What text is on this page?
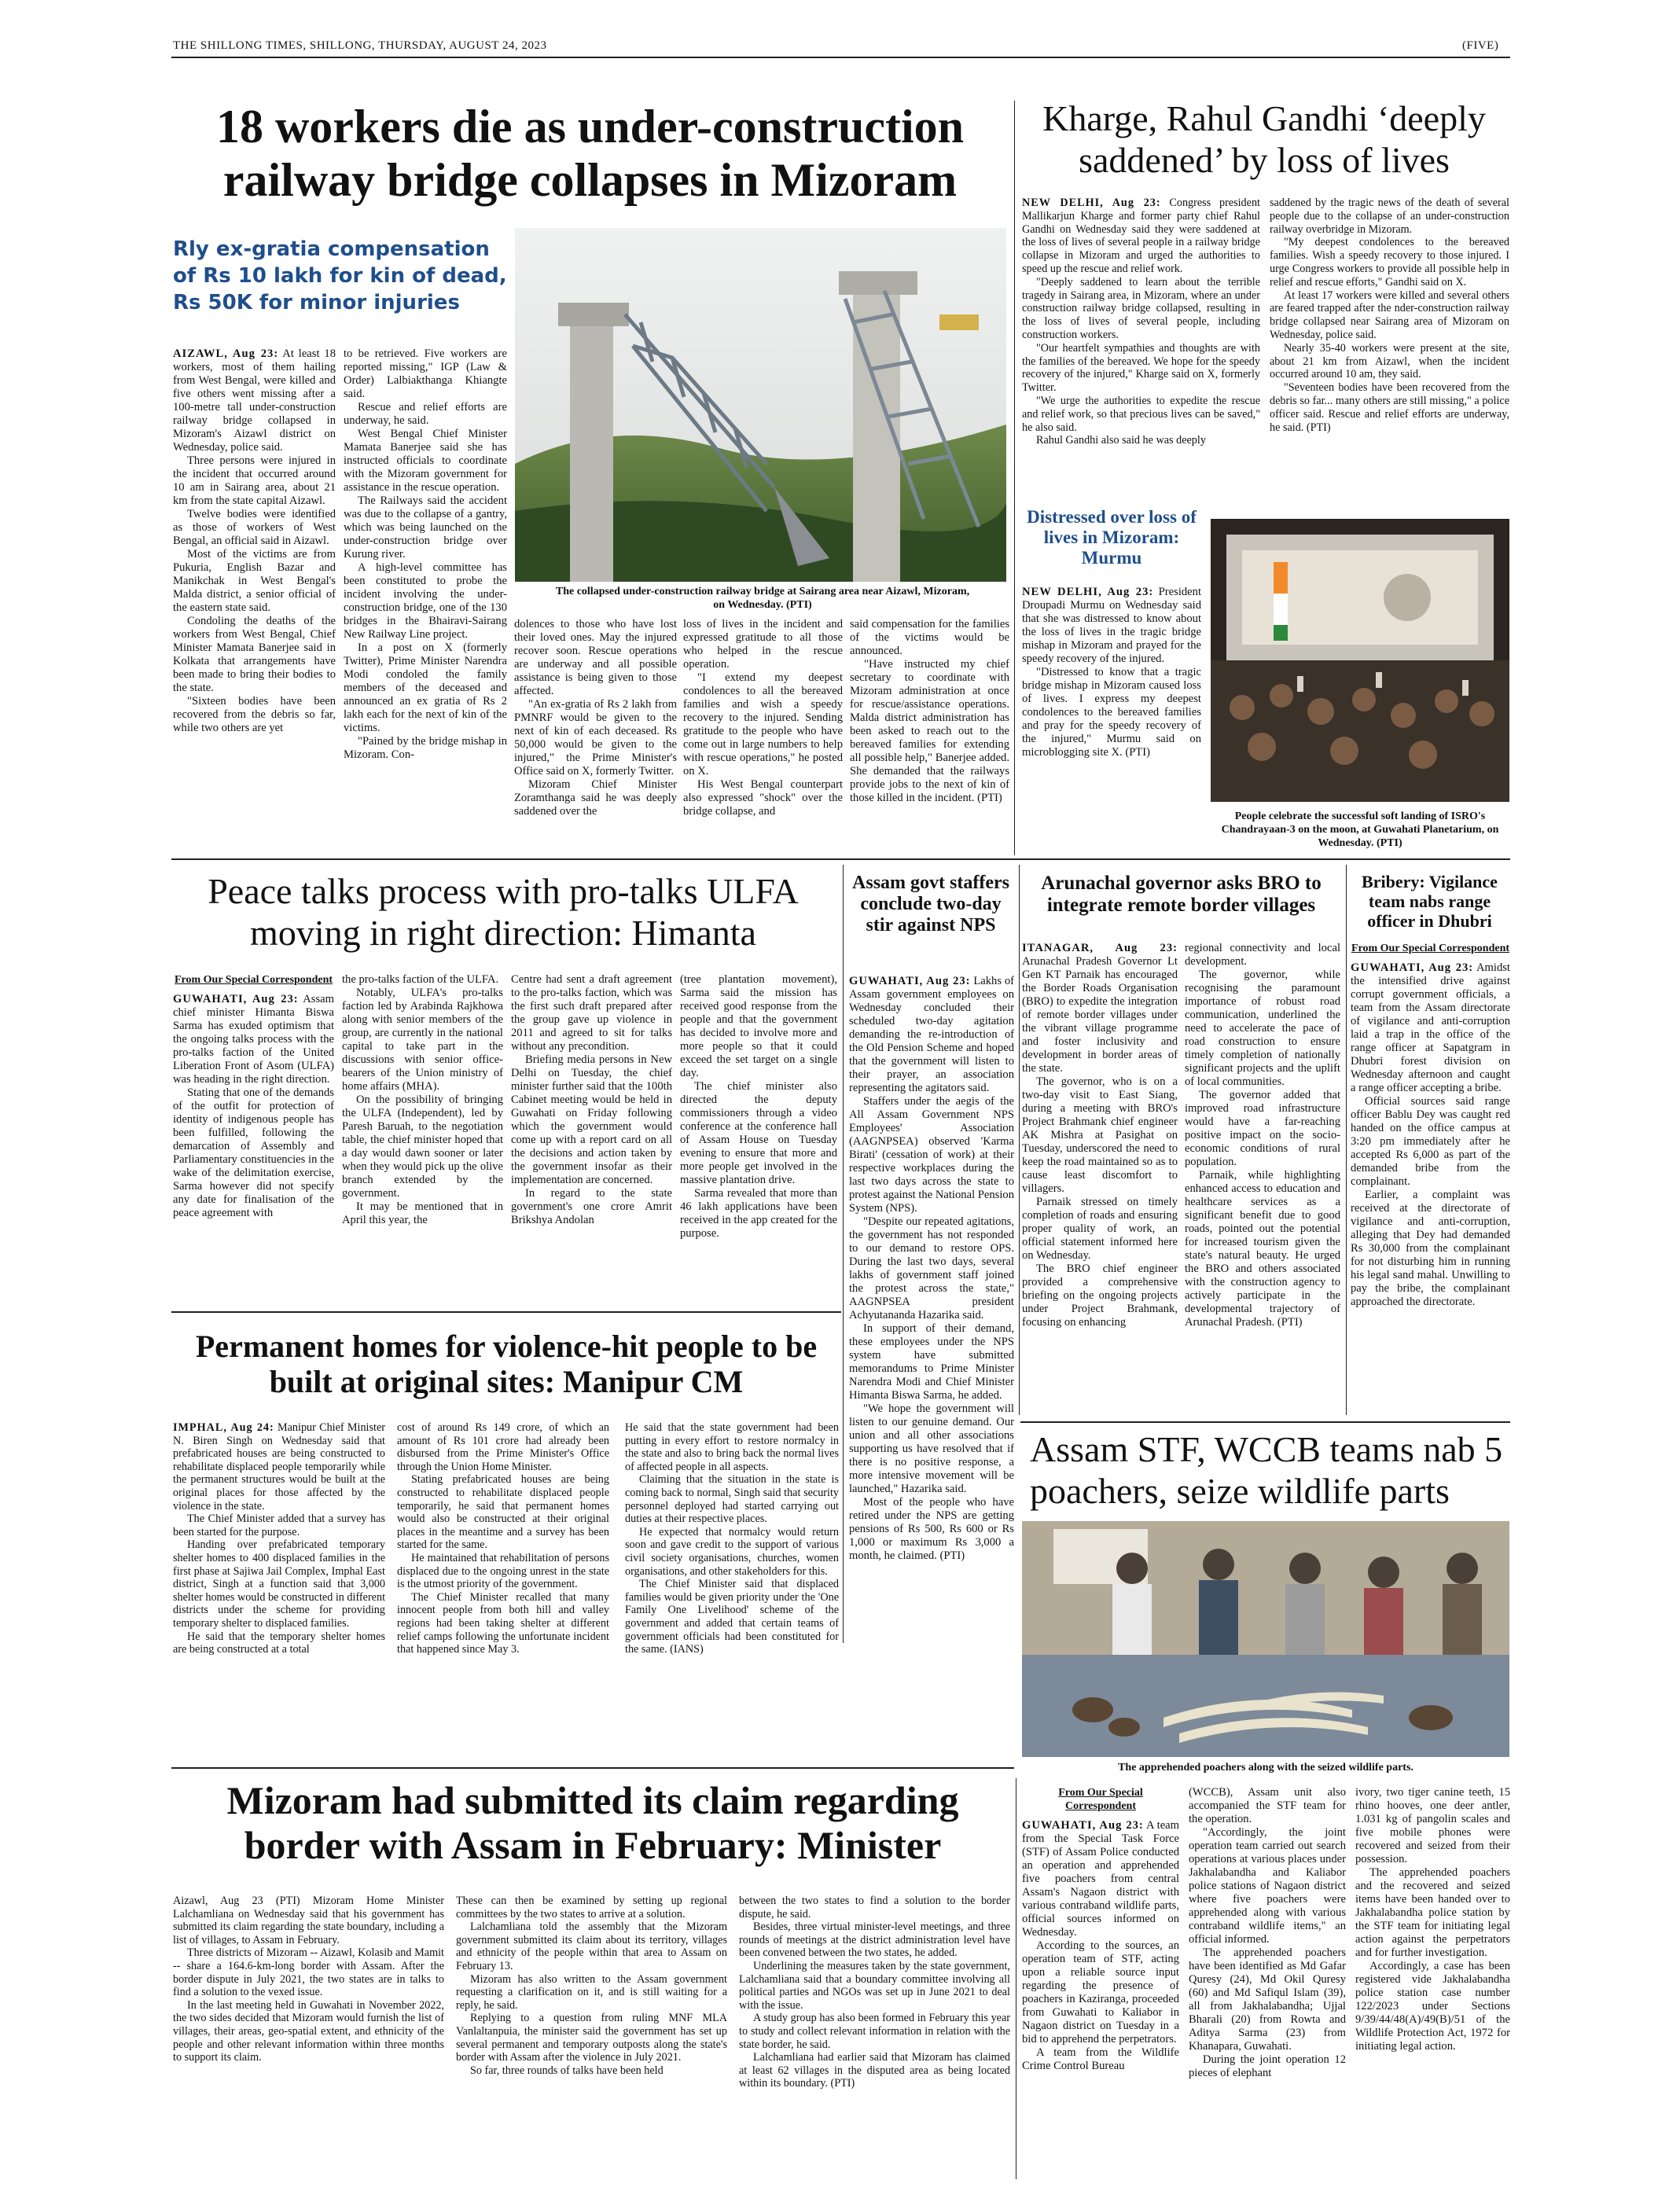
THE SHILLONG TIMES, SHILLONG, THURSDAY, AUGUST 24, 2023	(FIVE)
18 workers die as under-construction railway bridge collapses in Mizoram
Rly ex-gratia compensation of Rs 10 lakh for kin of dead, Rs 50K for minor injuries
The collapsed under-construction railway bridge at Sairang area near Aizawl, Mizoram, on Wednesday. (PTI)

AIZAWL, Aug 23: At least 18 workers, most of them hailing from West Bengal, were killed and five others went missing after a 100-metre tall under-construction railway bridge collapsed in Mizoram's Aizawl district on Wednesday, police said.

Three persons were injured in the incident that occurred around 10 am in Sairang area, about 21 km from the state capital Aizawl.

Twelve bodies were identified as those of workers of West Bengal, an official said in Aizawl.

Most of the victims are from Pukuria, English Bazar and Manikchak in West Bengal's Malda district, a senior official of the eastern state said.

Condoling the deaths of the workers from West Bengal, Chief Minister Mamata Banerjee said in Kolkata that arrangements have been made to bring their bodies to the state.

"Sixteen bodies have been recovered from the debris so far, while two others are yet

to be retrieved. Five workers are reported missing," IGP (Law & Order) Lalbiakthanga Khiangte said.

Rescue and relief efforts are underway, he said.

West Bengal Chief Minister Mamata Banerjee said she has instructed officials to coordinate with the Mizoram government for assistance in the rescue operation.

The Railways said the accident was due to the collapse of a gantry, which was being launched on the under-construction bridge over Kurung river.

A high-level committee has been constituted to probe the incident involving the under-construction bridge, one of the 130 bridges in the Bhairavi-Sairang New Railway Line project.

In a post on X (formerly Twitter), Prime Minister Narendra Modi condoled the family members of the deceased and announced an ex gratia of Rs 2 lakh each for the next of kin of the victims.

"Pained by the bridge mishap in Mizoram. Con-

dolences to those who have lost their loved ones. May the injured recover soon. Rescue operations are underway and all possible assistance is being given to those affected.

"An ex-gratia of Rs 2 lakh from PMNRF would be given to the next of kin of each deceased. Rs 50,000 would be given to the injured," the Prime Minister's Office said on X, formerly Twitter.

Mizoram Chief Minister Zoramthanga said he was deeply saddened over the

loss of lives in the incident and expressed gratitude to all those who helped in the rescue operation.

"I extend my deepest condolences to all the bereaved families and wish a speedy recovery to the injured. Sending gratitude to the people who have come out in large numbers to help with rescue operations," he posted on X.

His West Bengal counterpart also expressed "shock" over the bridge collapse, and

said compensation for the families of the victims would be announced.

"Have instructed my chief secretary to coordinate with Mizoram administration at once for rescue/assistance operations. Malda district administration has been asked to reach out to the bereaved families for extending all possible help," Banerjee added. She demanded that the railways provide jobs to the next of kin of those killed in the incident. (PTI)

Kharge, Rahul Gandhi ‘deeply saddened’ by loss of lives

NEW DELHI, Aug 23: Congress president Mallikarjun Kharge and former party chief Rahul Gandhi on Wednesday said they were saddened at the loss of lives of several people in a railway bridge collapse in Mizoram and urged the authorities to speed up the rescue and relief work.

"Deeply saddened to learn about the terrible tragedy in Sairang area, in Mizoram, where an under construction railway bridge collapsed, resulting in the loss of lives of several people, including construction workers.

"Our heartfelt sympathies and thoughts are with the families of the bereaved. We hope for the speedy recovery of the injured," Kharge said on X, formerly Twitter.

"We urge the authorities to expedite the rescue and relief work, so that precious lives can be saved," he also said.

Rahul Gandhi also said he was deeply

saddened by the tragic news of the death of several people due to the collapse of an under-construction railway overbridge in Mizoram.

"My deepest condolences to the bereaved families. Wish a speedy recovery to those injured. I urge Congress workers to provide all possible help in relief and rescue efforts," Gandhi said on X.

At least 17 workers were killed and several others are feared trapped after the nder-construction railway bridge collapsed near Sairang area of Mizoram on Wednesday, police said.

Nearly 35-40 workers were present at the site, about 21 km from Aizawl, when the incident occurred around 10 am, they said.

"Seventeen bodies have been recovered from the debris so far... many others are still missing," a police officer said. Rescue and relief efforts are underway, he said. (PTI)

Distressed over loss of lives in Mizoram: Murmu

NEW DELHI, Aug 23: President Droupadi Murmu on Wednesday said that she was distressed to know about the loss of lives in the tragic bridge mishap in Mizoram and prayed for the speedy recovery of the injured.

"Distressed to know that a tragic bridge mishap in Mizoram caused loss of lives. I express my deepest condolences to the bereaved families and pray for the speedy recovery of the injured," Murmu said on microblogging site X. (PTI)

People celebrate the successful soft landing of ISRO's Chandrayaan-3 on the moon, at Guwahati Planetarium, on Wednesday. (PTI)
Peace talks process with pro-talks ULFA moving in right direction: Himanta
From Our Special Correspondent

GUWAHATI, Aug 23: Assam chief minister Himanta Biswa Sarma has exuded optimism that the ongoing talks process with the pro-talks faction of the United Liberation Front of Asom (ULFA) was heading in the right direction.

Stating that one of the demands of the outfit for protection of identity of indigenous people has been fulfilled, following the demarcation of Assembly and Parliamentary constituencies in the wake of the delimitation exercise, Sarma however did not specify any date for finalisation of the peace agreement with

the pro-talks faction of the ULFA.

Notably, ULFA's pro-talks faction led by Arabinda Rajkhowa along with senior members of the group, are currently in the national capital to take part in the discussions with senior office-bearers of the Union ministry of home affairs (MHA).

On the possibility of bringing the ULFA (Independent), led by Paresh Baruah, to the negotiation table, the chief minister hoped that a day would dawn sooner or later when they would pick up the olive branch extended by the government.

It may be mentioned that in April this year, the

Centre had sent a draft agreement to the pro-talks faction, which was the first such draft prepared after the group gave up violence in 2011 and agreed to sit for talks without any precondition.

Briefing media persons in New Delhi on Tuesday, the chief minister further said that the 100th Cabinet meeting would be held in Guwahati on Friday following which the government would come up with a report card on all the decisions and action taken by the government insofar as their implementation are concerned.

In regard to the state government's one crore Amrit Brikshya Andolan

(tree plantation movement), Sarma said the mission has received good response from the people and that the government has decided to involve more and more people so that it could exceed the set target on a single day.

The chief minister also directed the deputy commissioners through a video conference at the conference hall of Assam House on Tuesday evening to ensure that more and more people get involved in the massive plantation drive.

Sarma revealed that more than 46 lakh applications have been received in the app created for the purpose.

Assam govt staffers conclude two-day stir against NPS

GUWAHATI, Aug 23: Lakhs of Assam government employees on Wednesday concluded their scheduled two-day agitation demanding the re-introduction of the Old Pension Scheme and hoped that the government will listen to their prayer, an association representing the agitators said.

Staffers under the aegis of the All Assam Government NPS Employees' Association (AAGNPSEA) observed 'Karma Birati' (cessation of work) at their respective workplaces during the last two days across the state to protest against the National Pension System (NPS).

"Despite our repeated agitations, the government has not responded to our demand to restore OPS. During the last two days, several lakhs of government staff joined the protest across the state," AAGNPSEA president Achyutananda Hazarika said.

In support of their demand, these employees under the NPS system have submitted memorandums to Prime Minister Narendra Modi and Chief Minister Himanta Biswa Sarma, he added.

"We hope the government will listen to our genuine demand. Our union and all other associations supporting us have resolved that if there is no positive response, a more intensive movement will be launched," Hazarika said.

Most of the people who have retired under the NPS are getting pensions of Rs 500, Rs 600 or Rs 1,000 or maximum Rs 3,000 a month, he claimed. (PTI)

Arunachal governor asks BRO to integrate remote border villages

ITANAGAR, Aug 23: Arunachal Pradesh Governor Lt Gen KT Parnaik has encouraged the Border Roads Organisation (BRO) to expedite the integration of remote border villages under the vibrant village programme and foster inclusivity and development in border areas of the state.

The governor, who is on a two-day visit to East Siang, during a meeting with BRO's Project Brahmank chief engineer AK Mishra at Pasighat on Tuesday, underscored the need to keep the road maintained so as to cause least discomfort to villagers.

Parnaik stressed on timely completion of roads and ensuring proper quality of work, an official statement informed here on Wednesday.

The BRO chief engineer provided a comprehensive briefing on the ongoing projects under Project Brahmank, focusing on enhancing

regional connectivity and local development.

The governor, while recognising the paramount importance of robust road communication, underlined the need to accelerate the pace of road construction to ensure timely completion of nationally significant projects and the uplift of local communities.

The governor added that improved road infrastructure would have a far-reaching positive impact on the socio-economic conditions of rural population.

Parnaik, while highlighting enhanced access to education and healthcare services as a significant benefit due to good roads, pointed out the potential for increased tourism given the state's natural beauty. He urged the BRO and others associated with the construction agency to actively participate in the developmental trajectory of Arunachal Pradesh. (PTI)

Bribery: Vigilance team nabs range officer in Dhubri
From Our Special Correspondent

GUWAHATI, Aug 23: Amidst the intensified drive against corrupt government officials, a team from the Assam directorate of vigilance and anti-corruption laid a trap in the office of the range officer at Sapatgram in Dhubri forest division on Wednesday afternoon and caught a range officer accepting a bribe.

Official sources said range officer Bablu Dey was caught red handed on the office campus at 3:20 pm immediately after he accepted Rs 6,000 as part of the demanded bribe from the complainant.

Earlier, a complaint was received at the directorate of vigilance and anti-corruption, alleging that Dey had demanded Rs 30,000 from the complainant for not disturbing him in running his legal sand mahal. Unwilling to pay the bribe, the complainant approached the directorate.

Permanent homes for violence-hit people to be built at original sites: Manipur CM

IMPHAL, Aug 24: Manipur Chief Minister N. Biren Singh on Wednesday said that prefabricated houses are being constructed to rehabilitate displaced people temporarily while the permanent structures would be built at the original places for those affected by the violence in the state.

The Chief Minister added that a survey has been started for the purpose.

Handing over prefabricated temporary shelter homes to 400 displaced families in the first phase at Sajiwa Jail Complex, Imphal East district, Singh at a function said that 3,000 shelter homes would be constructed in different districts under the scheme for providing temporary shelter to displaced families.

He said that the temporary shelter homes are being constructed at a total

cost of around Rs 149 crore, of which an amount of Rs 101 crore had already been disbursed from the Prime Minister's Office through the Union Home Minister.

Stating prefabricated houses are being constructed to rehabilitate displaced people temporarily, he said that permanent homes would also be constructed at their original places in the meantime and a survey has been started for the same.

He maintained that rehabilitation of persons displaced due to the ongoing unrest in the state is the utmost priority of the government.

The Chief Minister recalled that many innocent people from both hill and valley regions had been taking shelter at different relief camps following the unfortunate incident that happened since May 3.

He said that the state government had been putting in every effort to restore normalcy in the state and also to bring back the normal lives of affected people in all aspects.

Claiming that the situation in the state is coming back to normal, Singh said that security personnel deployed had started carrying out duties at their respective places.

He expected that normalcy would return soon and gave credit to the support of various civil society organisations, churches, women organisations, and other stakeholders for this.

The Chief Minister said that displaced families would be given priority under the 'One Family One Livelihood' scheme of the government and added that certain teams of government officials had been constituted for the same. (IANS)

Assam STF, WCCB teams nab 5 poachers, seize wildlife parts
The apprehended poachers along with the seized wildlife parts.
From Our Special Correspondent

GUWAHATI, Aug 23: A team from the Special Task Force (STF) of Assam Police conducted an operation and apprehended five poachers from central Assam's Nagaon district with various contraband wildlife parts, official sources informed on Wednesday.

According to the sources, an operation team of STF, acting upon a reliable source input regarding the presence of poachers in Kaziranga, proceeded from Guwahati to Kaliabor in Nagaon district on Tuesday in a bid to apprehend the perpetrators.

A team from the Wildlife Crime Control Bureau

(WCCB), Assam unit also accompanied the STF team for the operation.

"Accordingly, the joint operation team carried out search operations at various places under Jakhalabandha and Kaliabor police stations of Nagaon district where five poachers were apprehended along with various contraband wildlife items," an official informed.

The apprehended poachers have been identified as Md Gafar Quresy (24), Md Okil Quresy (60) and Md Safiqul Islam (39), all from Jakhalabandha; Ujjal Bharali (20) from Rowta and Aditya Sarma (23) from Khanapara, Guwahati.

During the joint operation 12 pieces of elephant

ivory, two tiger canine teeth, 15 rhino hooves, one deer antler, 1.031 kg of pangolin scales and five mobile phones were recovered and seized from their possession.

The apprehended poachers and the recovered and seized items have been handed over to Jakhalabandha police station by the STF team for initiating legal action against the perpetrators and for further investigation.

Accordingly, a case has been registered vide Jakhalabandha police station case number 122/2023 under Sections 9/39/44/48(A)/49(B)/51 of the Wildlife Protection Act, 1972 for initiating legal action.

Mizoram had submitted its claim regarding border with Assam in February: Minister

Aizawl, Aug 23 (PTI) Mizoram Home Minister Lalchamliana on Wednesday said that his government has submitted its claim regarding the state boundary, including a list of villages, to Assam in February.

Three districts of Mizoram -- Aizawl, Kolasib and Mamit -- share a 164.6-km-long border with Assam. After the border dispute in July 2021, the two states are in talks to find a solution to the vexed issue.

In the last meeting held in Guwahati in November 2022, the two sides decided that Mizoram would furnish the list of villages, their areas, geo-spatial extent, and ethnicity of the people and other relevant information within three months to support its claim.

These can then be examined by setting up regional committees by the two states to arrive at a solution.

Lalchamliana told the assembly that the Mizoram government submitted its claim about its territory, villages and ethnicity of the people within that area to Assam on February 13.

Mizoram has also written to the Assam government requesting a clarification on it, and is still waiting for a reply, he said.

Replying to a question from ruling MNF MLA Vanlaltanpuia, the minister said the government has set up several permanent and temporary outposts along the state's border with Assam after the violence in July 2021.

So far, three rounds of talks have been held

between the two states to find a solution to the border dispute, he said.

Besides, three virtual minister-level meetings, and three rounds of meetings at the district administration level have been convened between the two states, he added.

Underlining the measures taken by the state government, Lalchamliana said that a boundary committee involving all political parties and NGOs was set up in June 2021 to deal with the issue.

A study group has also been formed in February this year to study and collect relevant information in relation with the state border, he said.

Lalchamliana had earlier said that Mizoram has claimed at least 62 villages in the disputed area as being located within its boundary. (PTI)
